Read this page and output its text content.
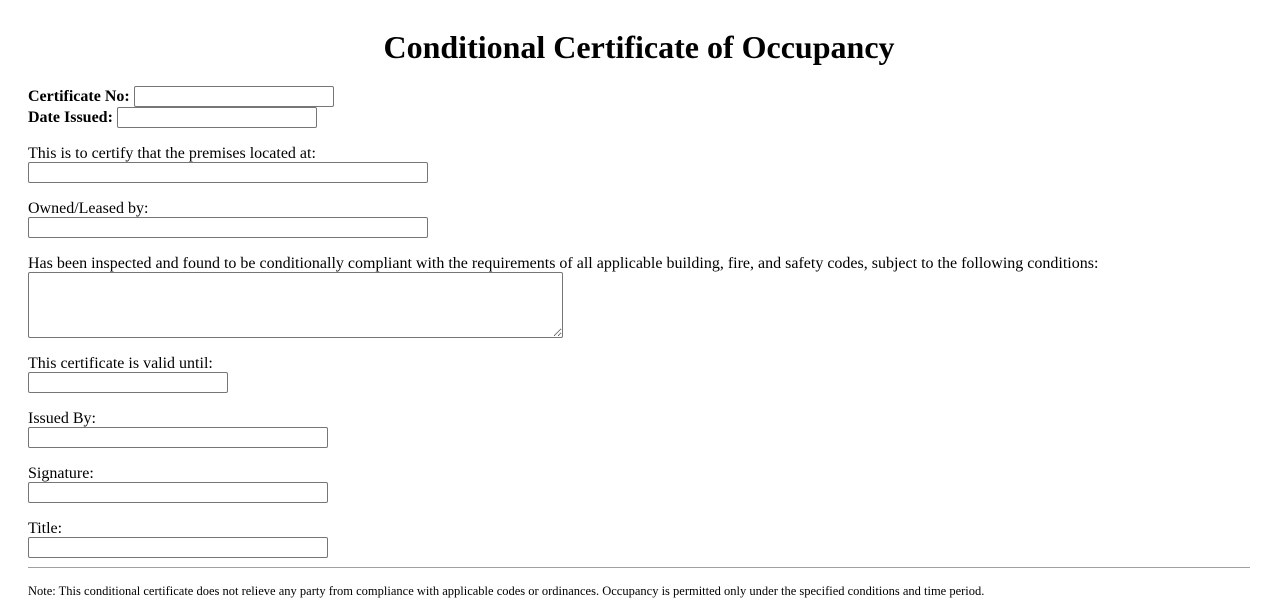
Conditional Certificate of Occupancy
Certificate No:
Date Issued:
This is to certify that the premises located at:
Owned/Leased by:
Has been inspected and found to be conditionally compliant with the requirements of all applicable building, fire, and safety codes, subject to the following conditions:
This certificate is valid until:
Issued By:
Signature:
Title:
Note: This conditional certificate does not relieve any party from compliance with applicable codes or ordinances. Occupancy is permitted only under the specified conditions and time period.
